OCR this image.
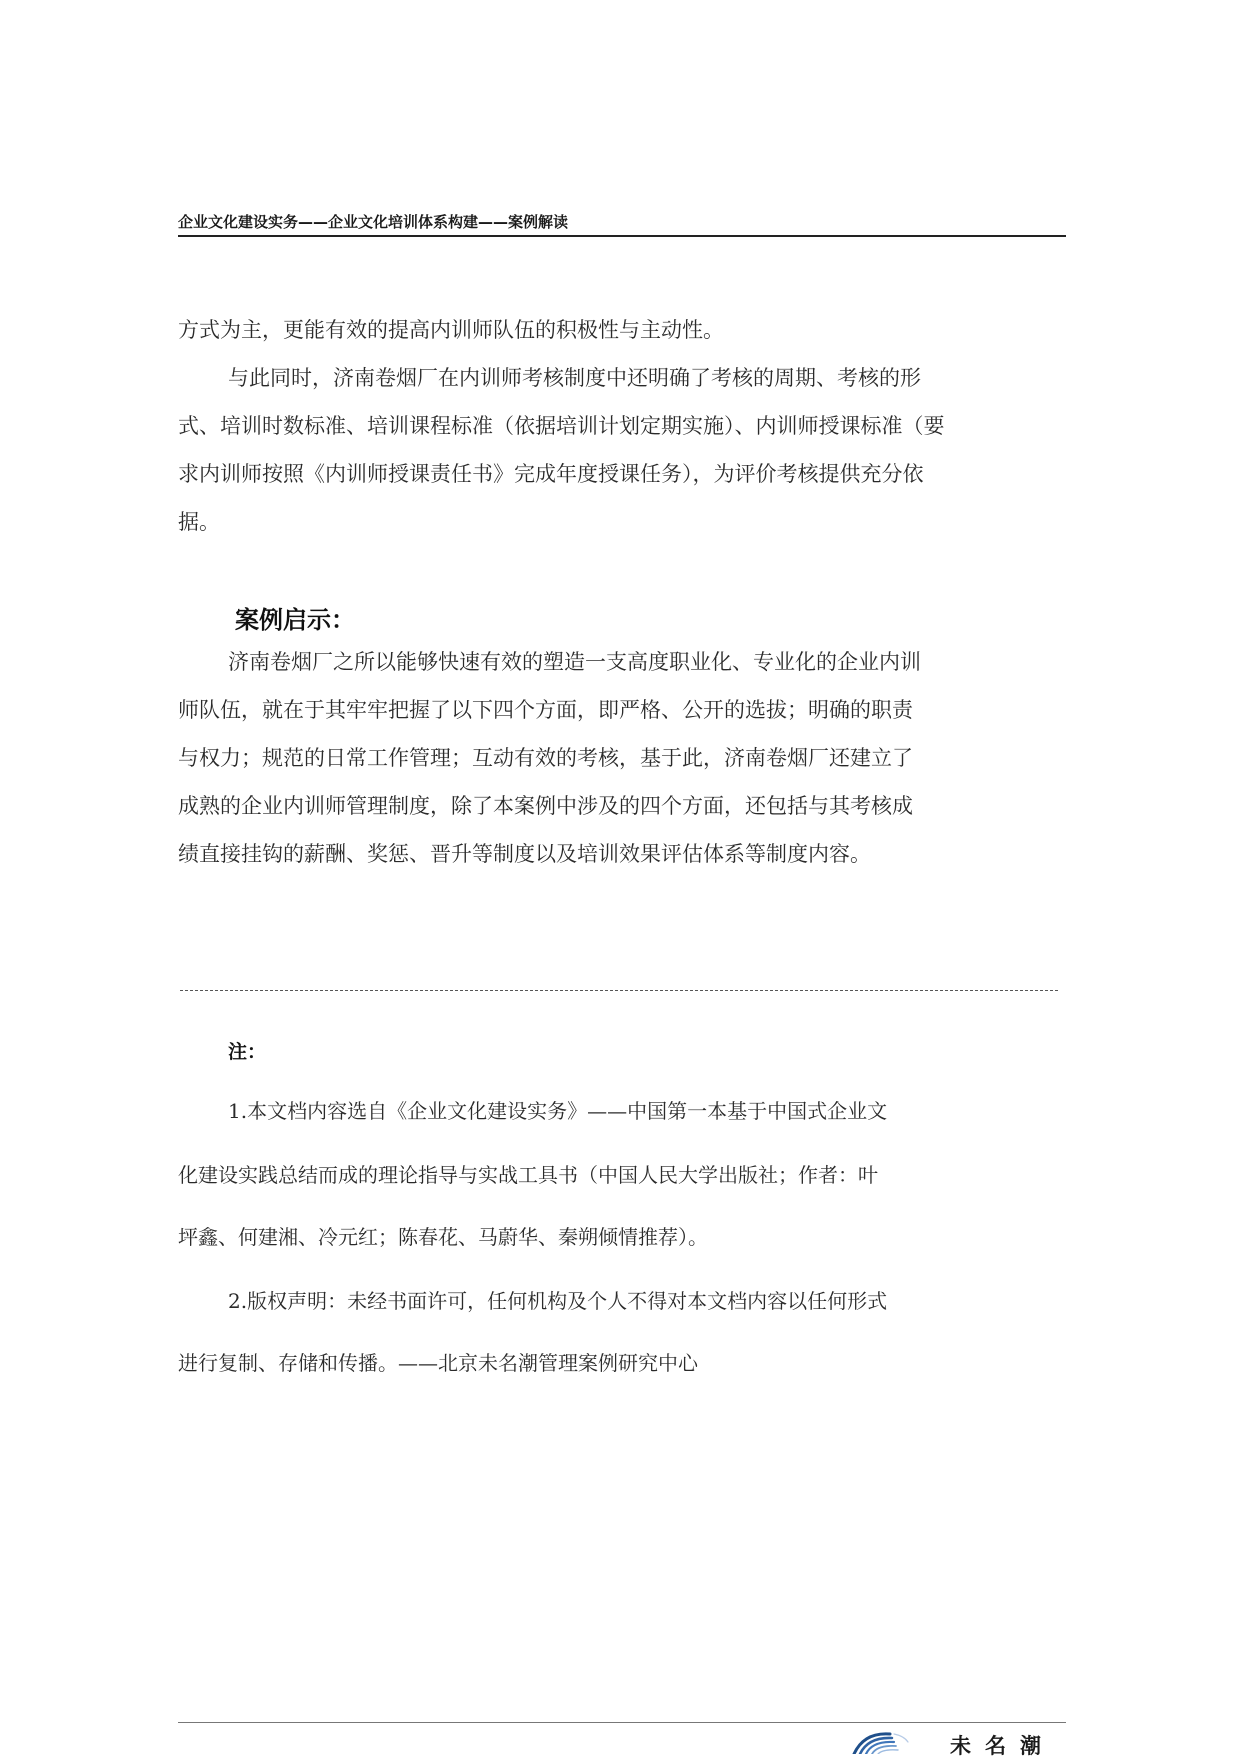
企业文化建设实务——企业文化培训体系构建——案例解读
方式为主，更能有效的提高内训师队伍的积极性与主动性。
与此同时，济南卷烟厂在内训师考核制度中还明确了考核的周期、考核的形
式、培训时数标准、培训课程标准（依据培训计划定期实施）、内训师授课标准（要
求内训师按照《内训师授课责任书》完成年度授课任务），为评价考核提供充分依
据。
案例启示：
济南卷烟厂之所以能够快速有效的塑造一支高度职业化、专业化的企业内训
师队伍，就在于其牢牢把握了以下四个方面，即严格、公开的选拔；明确的职责
与权力；规范的日常工作管理；互动有效的考核，基于此，济南卷烟厂还建立了
成熟的企业内训师管理制度，除了本案例中涉及的四个方面，还包括与其考核成
绩直接挂钩的薪酬、奖惩、晋升等制度以及培训效果评估体系等制度内容。
注：
1.本文档内容选自《企业文化建设实务》——中国第一本基于中国式企业文
化建设实践总结而成的理论指导与实战工具书（中国人民大学出版社；作者：叶
坪鑫、何建湘、冷元红；陈春花、马蔚华、秦朔倾情推荐）。
2.版权声明：未经书面许可，任何机构及个人不得对本文档内容以任何形式
进行复制、存储和传播。——北京未名潮管理案例研究中心
未名潮
